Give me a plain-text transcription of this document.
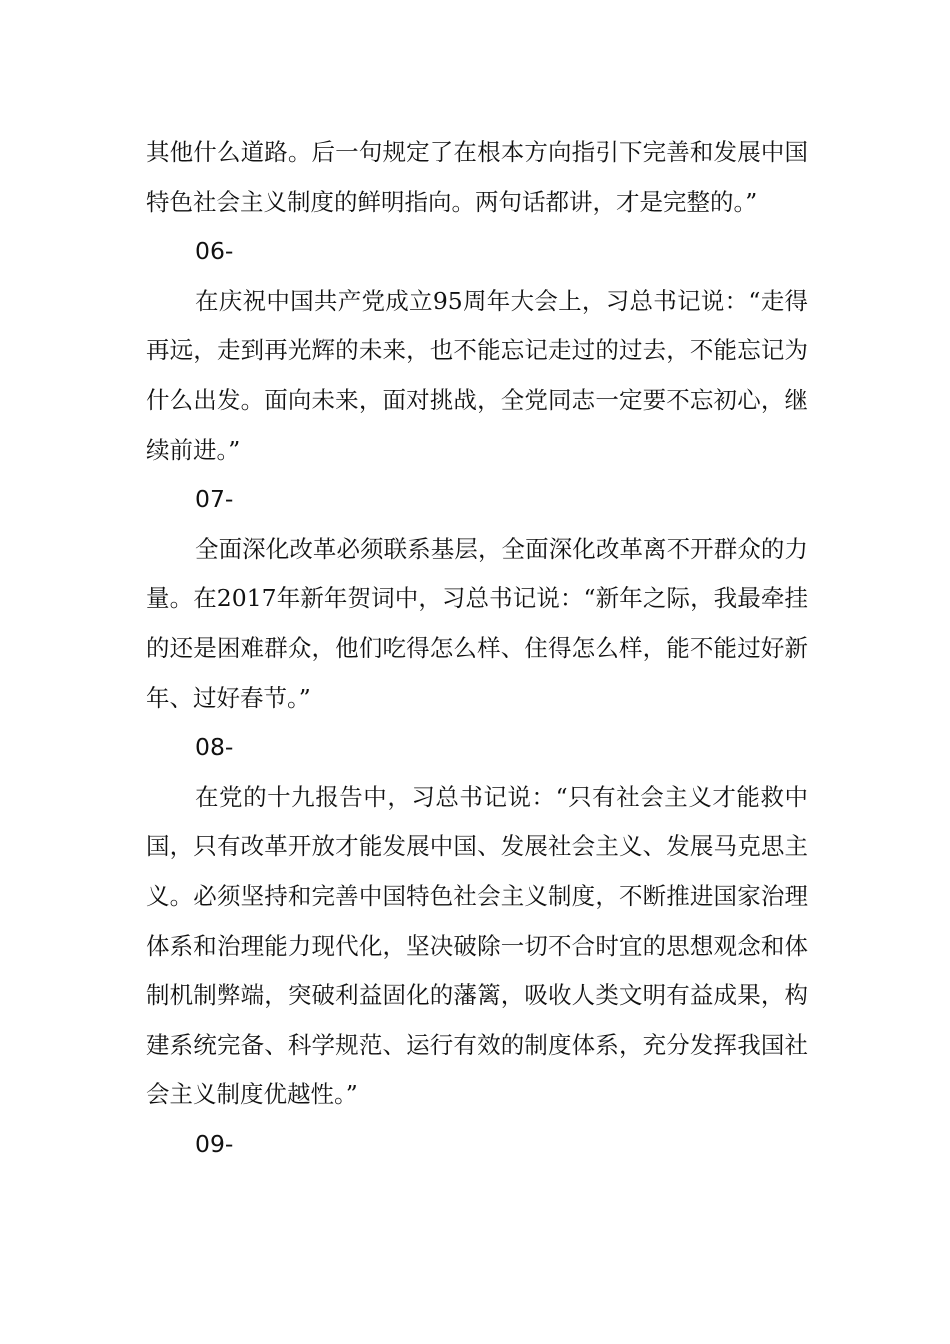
其他什么道路。后一句规定了在根本方向指引下完善和发展中国特色社会主义制度的鲜明指向。两句话都讲，才是完整的。”

06-

在庆祝中国共产党成立95周年大会上，习总书记说：“走得再远，走到再光辉的未来，也不能忘记走过的过去，不能忘记为什么出发。面向未来，面对挑战，全党同志一定要不忘初心，继续前进。”

07-

全面深化改革必须联系基层，全面深化改革离不开群众的力量。在2017年新年贺词中，习总书记说：“新年之际，我最牵挂的还是困难群众，他们吃得怎么样、住得怎么样，能不能过好新年、过好春节。”

08-

在党的十九报告中，习总书记说：“只有社会主义才能救中国，只有改革开放才能发展中国、发展社会主义、发展马克思主义。必须坚持和完善中国特色社会主义制度，不断推进国家治理体系和治理能力现代化，坚决破除一切不合时宜的思想观念和体制机制弊端，突破利益固化的藩篱，吸收人类文明有益成果，构建系统完备、科学规范、运行有效的制度体系，充分发挥我国社会主义制度优越性。”

09-
